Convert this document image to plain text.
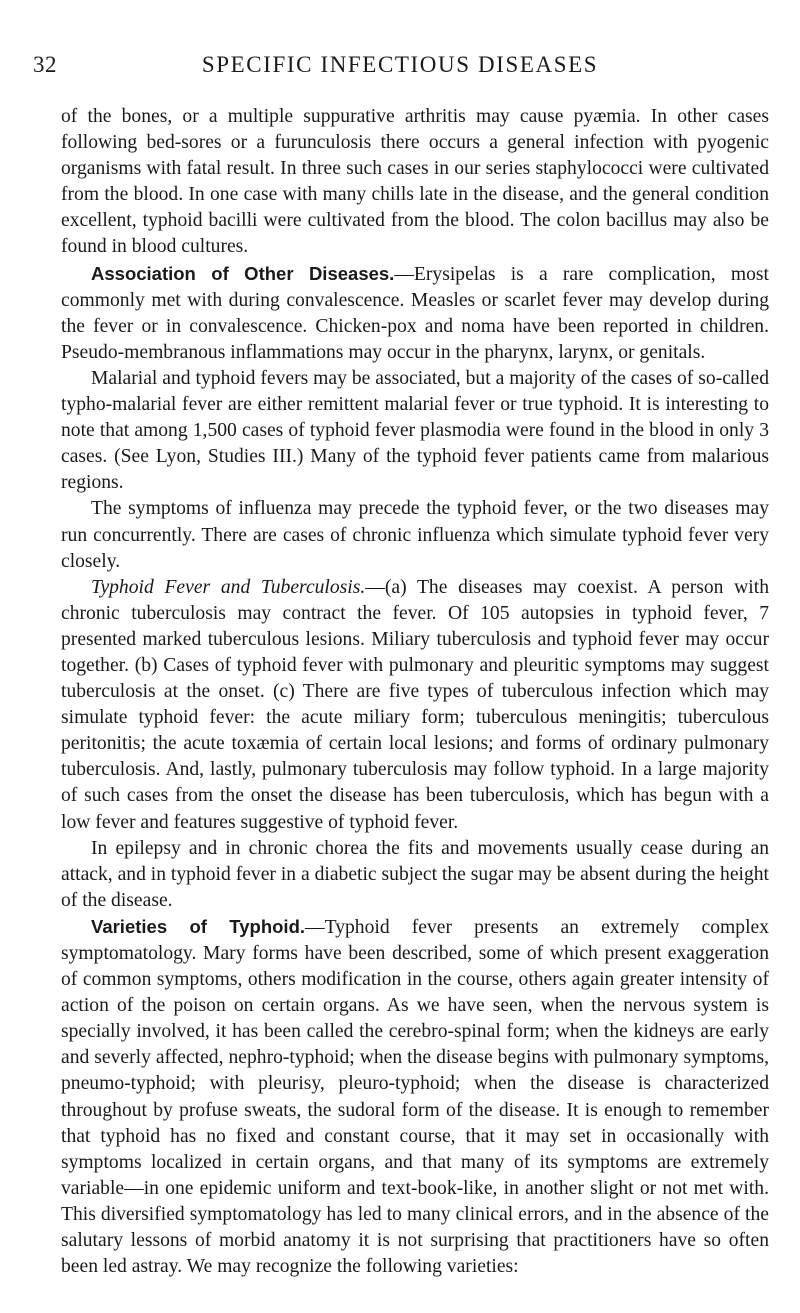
32	SPECIFIC INFECTIOUS DISEASES

of the bones, or a multiple suppurative arthritis may cause pyæmia. In other cases following bed-sores or a furunculosis there occurs a general infection with pyogenic organisms with fatal result. In three such cases in our series staphylococci were cultivated from the blood. In one case with many chills late in the disease, and the general condition excellent, typhoid bacilli were cultivated from the blood. The colon bacillus may also be found in blood cultures.

Association of Other Diseases.—Erysipelas is a rare complication, most commonly met with during convalescence. Measles or scarlet fever may develop during the fever or in convalescence. Chicken-pox and noma have been reported in children. Pseudo-membranous inflammations may occur in the pharynx, larynx, or genitals.

Malarial and typhoid fevers may be associated, but a majority of the cases of so-called typho-malarial fever are either remittent malarial fever or true typhoid. It is interesting to note that among 1,500 cases of typhoid fever plasmodia were found in the blood in only 3 cases. (See Lyon, Studies III.) Many of the typhoid fever patients came from malarious regions.

The symptoms of influenza may precede the typhoid fever, or the two diseases may run concurrently. There are cases of chronic influenza which simulate typhoid fever very closely.

Typhoid Fever and Tuberculosis.—(a) The diseases may coexist. A person with chronic tuberculosis may contract the fever. Of 105 autopsies in typhoid fever, 7 presented marked tuberculous lesions. Miliary tuberculosis and typhoid fever may occur together. (b) Cases of typhoid fever with pulmonary and pleuritic symptoms may suggest tuberculosis at the onset. (c) There are five types of tuberculous infection which may simulate typhoid fever: the acute miliary form; tuberculous meningitis; tuberculous peritonitis; the acute toxæmia of certain local lesions; and forms of ordinary pulmonary tuberculosis. And, lastly, pulmonary tuberculosis may follow typhoid. In a large majority of such cases from the onset the disease has been tuberculosis, which has begun with a low fever and features suggestive of typhoid fever.

In epilepsy and in chronic chorea the fits and movements usually cease during an attack, and in typhoid fever in a diabetic subject the sugar may be absent during the height of the disease.

Varieties of Typhoid.—Typhoid fever presents an extremely complex symptomatology. Mary forms have been described, some of which present exaggeration of common symptoms, others modification in the course, others again greater intensity of action of the poison on certain organs. As we have seen, when the nervous system is specially involved, it has been called the cerebro-spinal form; when the kidneys are early and severly affected, nephro-typhoid; when the disease begins with pulmonary symptoms, pneumo-typhoid; with pleurisy, pleuro-typhoid; when the disease is characterized throughout by profuse sweats, the sudoral form of the disease. It is enough to remember that typhoid has no fixed and constant course, that it may set in occasionally with symptoms localized in certain organs, and that many of its symptoms are extremely variable—in one epidemic uniform and text-book-like, in another slight or not met with. This diversified symptomatology has led to many clinical errors, and in the absence of the salutary lessons of morbid anatomy it is not surprising that practitioners have so often been led astray. We may recognize the following varieties:
